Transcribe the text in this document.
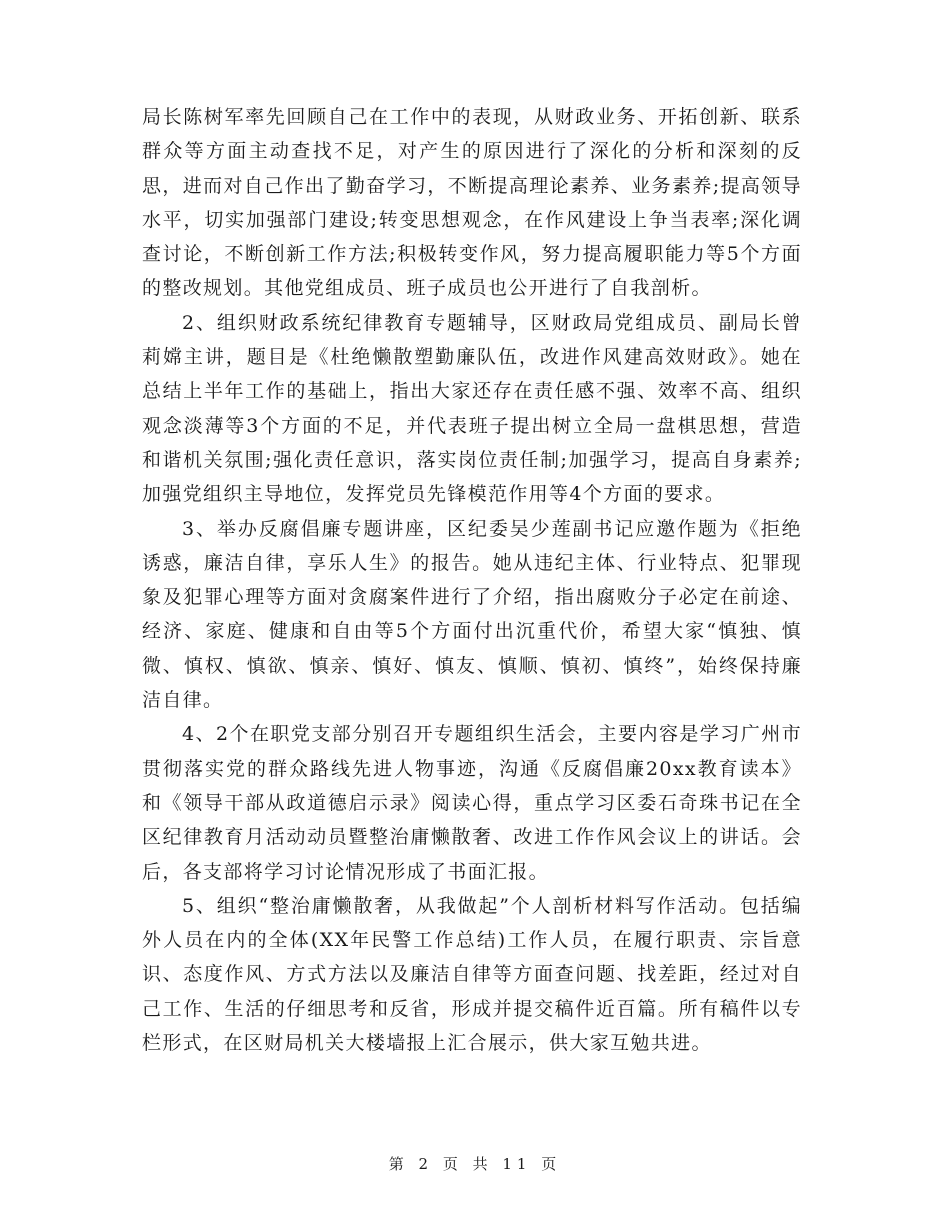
局长陈树军率先回顾自己在工作中的表现，从财政业务、开拓创新、联系群众等方面主动查找不足，对产生的原因进行了深化的分析和深刻的反思，进而对自己作出了勤奋学习，不断提高理论素养、业务素养;提高领导水平，切实加强部门建设;转变思想观念，在作风建设上争当表率;深化调查讨论，不断创新工作方法;积极转变作风，努力提高履职能力等5个方面的整改规划。其他党组成员、班子成员也公开进行了自我剖析。

2、组织财政系统纪律教育专题辅导，区财政局党组成员、副局长曾莉嫦主讲，题目是《杜绝懒散塑勤廉队伍，改进作风建高效财政》。她在总结上半年工作的基础上，指出大家还存在责任感不强、效率不高、组织观念淡薄等3个方面的不足，并代表班子提出树立全局一盘棋思想，营造和谐机关氛围;强化责任意识，落实岗位责任制;加强学习，提高自身素养;加强党组织主导地位，发挥党员先锋模范作用等4个方面的要求。

3、举办反腐倡廉专题讲座，区纪委吴少莲副书记应邀作题为《拒绝诱惑，廉洁自律，享乐人生》的报告。她从违纪主体、行业特点、犯罪现象及犯罪心理等方面对贪腐案件进行了介绍，指出腐败分子必定在前途、经济、家庭、健康和自由等5个方面付出沉重代价，希望大家“慎独、慎微、慎权、慎欲、慎亲、慎好、慎友、慎顺、慎初、慎终”，始终保持廉洁自律。

4、2个在职党支部分别召开专题组织生活会，主要内容是学习广州市贯彻落实党的群众路线先进人物事迹，沟通《反腐倡廉20xx教育读本》和《领导干部从政道德启示录》阅读心得，重点学习区委石奇珠书记在全区纪律教育月活动动员暨整治庸懒散奢、改进工作作风会议上的讲话。会后，各支部将学习讨论情况形成了书面汇报。

5、组织“整治庸懒散奢，从我做起”个人剖析材料写作活动。包括编外人员在内的全体(XX年民警工作总结)工作人员，在履行职责、宗旨意识、态度作风、方式方法以及廉洁自律等方面查问题、找差距，经过对自己工作、生活的仔细思考和反省，形成并提交稿件近百篇。所有稿件以专栏形式，在区财局机关大楼墙报上汇合展示，供大家互勉共进。

第 2 页 共 11 页
